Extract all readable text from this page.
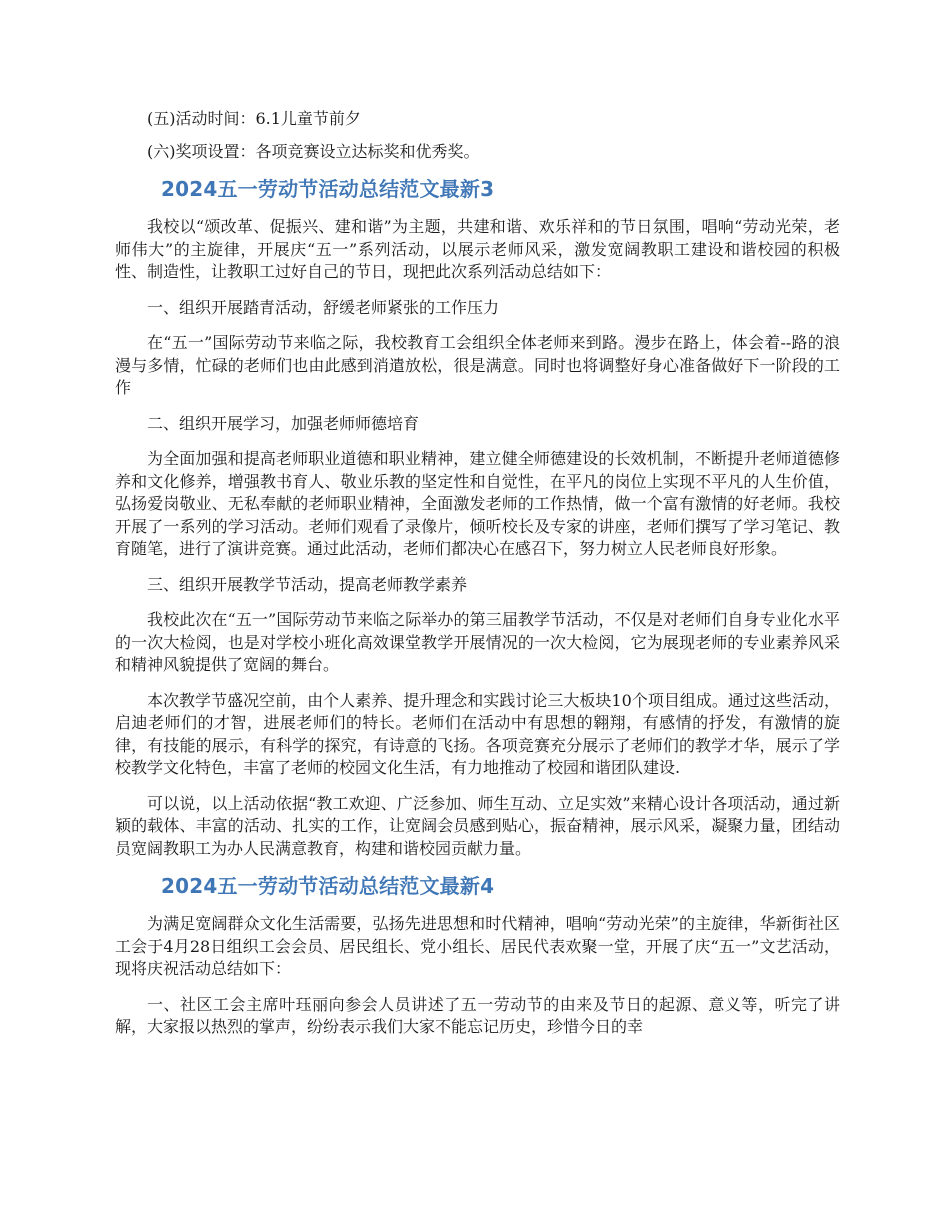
(五)活动时间：6.1儿童节前夕

(六)奖项设置：各项竞赛设立达标奖和优秀奖。

2024五一劳动节活动总结范文最新3

我校以“颂改革、促振兴、建和谐”为主题，共建和谐、欢乐祥和的节日氛围，唱响“劳动光荣，老师伟大”的主旋律，开展庆“五一”系列活动，以展示老师风采，激发宽阔教职工建设和谐校园的积极性、制造性，让教职工过好自己的节日，现把此次系列活动总结如下：

一、组织开展踏青活动，舒缓老师紧张的工作压力

在“五一”国际劳动节来临之际，我校教育工会组织全体老师来到路。漫步在路上，体会着--路的浪漫与多情，忙碌的老师们也由此感到消遣放松，很是满意。同时也将调整好身心准备做好下一阶段的工作

二、组织开展学习，加强老师师德培育

为全面加强和提高老师职业道德和职业精神，建立健全师德建设的长效机制，不断提升老师道德修养和文化修养，增强教书育人、敬业乐教的坚定性和自觉性，在平凡的岗位上实现不平凡的人生价值，弘扬爱岗敬业、无私奉献的老师职业精神，全面激发老师的工作热情，做一个富有激情的好老师。我校开展了一系列的学习活动。老师们观看了录像片，倾听校长及专家的讲座，老师们撰写了学习笔记、教育随笔，进行了演讲竞赛。通过此活动，老师们都决心在感召下，努力树立人民老师良好形象。

三、组织开展教学节活动，提高老师教学素养

我校此次在“五一”国际劳动节来临之际举办的第三届教学节活动，不仅是对老师们自身专业化水平的一次大检阅，也是对学校小班化高效课堂教学开展情况的一次大检阅，它为展现老师的专业素养风采和精神风貌提供了宽阔的舞台。

本次教学节盛况空前，由个人素养、提升理念和实践讨论三大板块10个项目组成。通过这些活动，启迪老师们的才智，进展老师们的特长。老师们在活动中有思想的翱翔，有感情的抒发，有激情的旋律，有技能的展示，有科学的探究，有诗意的飞扬。各项竞赛充分展示了老师们的教学才华，展示了学校教学文化特色，丰富了老师的校园文化生活，有力地推动了校园和谐团队建设.

可以说，以上活动依据“教工欢迎、广泛参加、师生互动、立足实效”来精心设计各项活动，通过新颖的载体、丰富的活动、扎实的工作，让宽阔会员感到贴心，振奋精神，展示风采，凝聚力量，团结动员宽阔教职工为办人民满意教育，构建和谐校园贡献力量。

2024五一劳动节活动总结范文最新4

为满足宽阔群众文化生活需要，弘扬先进思想和时代精神，唱响“劳动光荣”的主旋律，华新街社区工会于4月28日组织工会会员、居民组长、党小组长、居民代表欢聚一堂，开展了庆“五一”文艺活动，现将庆祝活动总结如下：

一、社区工会主席叶珏丽向参会人员讲述了五一劳动节的由来及节日的起源、意义等，听完了讲解，大家报以热烈的掌声，纷纷表示我们大家不能忘记历史，珍惜今日的幸
